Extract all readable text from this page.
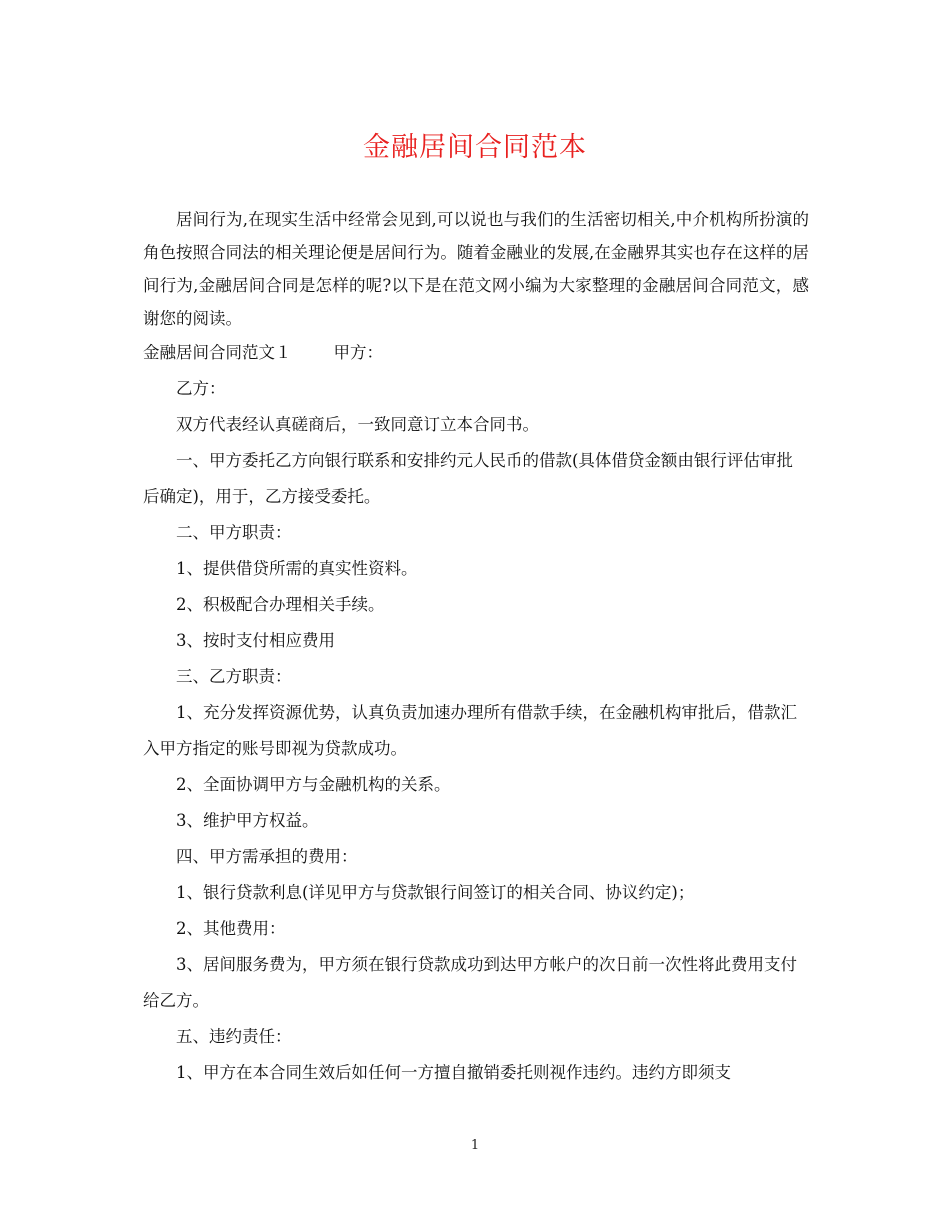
金融居间合同范本

居间行为,在现实生活中经常会见到,可以说也与我们的生活密切相关,中介机构所扮演的角色按照合同法的相关理论便是居间行为。随着金融业的发展,在金融界其实也存在这样的居间行为,金融居间合同是怎样的呢?以下是在范文网小编为大家整理的金融居间合同范文，感谢您的阅读。

金融居间合同范文１	甲方：

乙方：

双方代表经认真磋商后，一致同意订立本合同书。

一、甲方委托乙方向银行联系和安排约元人民币的借款(具体借贷金额由银行评估审批后确定)，用于，乙方接受委托。

二、甲方职责：

1、提供借贷所需的真实性资料。

2、积极配合办理相关手续。

3、按时支付相应费用

三、乙方职责：

1、充分发挥资源优势，认真负责加速办理所有借款手续，在金融机构审批后，借款汇入甲方指定的账号即视为贷款成功。

2、全面协调甲方与金融机构的关系。

3、维护甲方权益。

四、甲方需承担的费用：

1、银行贷款利息(详见甲方与贷款银行间签订的相关合同、协议约定)；

2、其他费用：

3、居间服务费为，甲方须在银行贷款成功到达甲方帐户的次日前一次性将此费用支付给乙方。

五、违约责任：

1、甲方在本合同生效后如任何一方擅自撤销委托则视作违约。违约方即须支

1
